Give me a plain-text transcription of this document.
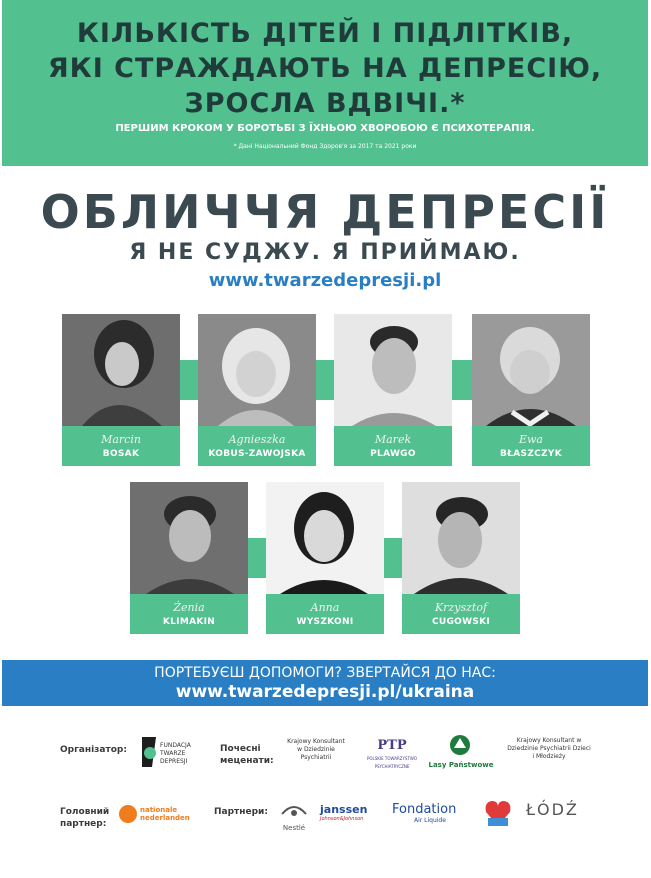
КІЛЬКІСТЬ ДІТЕЙ І ПІДЛІТКІВ,
ЯКІ СТРАЖДАЮТЬ НА ДЕПРЕСІЮ,
ЗРОСЛА ВДВІЧІ.*
ПЕРШИМ КРОКОМ У БОРОТЬБІ З ЇХНЬОЮ ХВОРОБОЮ Є ПСИХОТЕРАПІЯ.
* Дані Національний Фонд Здоров'я за 2017 та 2021 роки
ОБЛИЧЧЯ ДЕПРЕСІЇ
Я НЕ СУДЖУ. Я ПРИЙМАЮ.
www.twarzedepresji.pl
Marcin
BOSAK
Agnieszka
KOBUS-ZAWOJSKA
Marek
PLAWGO
Ewa
BŁASZCZYK
Żenia
KLIMAKIN
Anna
WYSZKONI
Krzysztof
CUGOWSKI
ПОРТЕБУЄШ ДОПОМОГИ? ЗВЕРТАЙСЯ ДО НАС:
www.twarzedepresji.pl/ukraina
Організатор:	FUNDACJA TWARZE DEPRESJI
Почесні меценати:
Krajowy Konsultant w Dziedzinie Psychiatrii
PTP
POLSKIE TOWARZYSTWO PSYCHIATRYCZNE	Lasy Państwowe
Krajowy Konsultant w Dziedzinie Psychiatrii Dzieci i Młodzieży
Головний партнер:
nationale nederlanden
Партнери:
Nestlé
janssen
Johnson&Johnson
Fondation
Air Liquide
ŁÓDŹ
